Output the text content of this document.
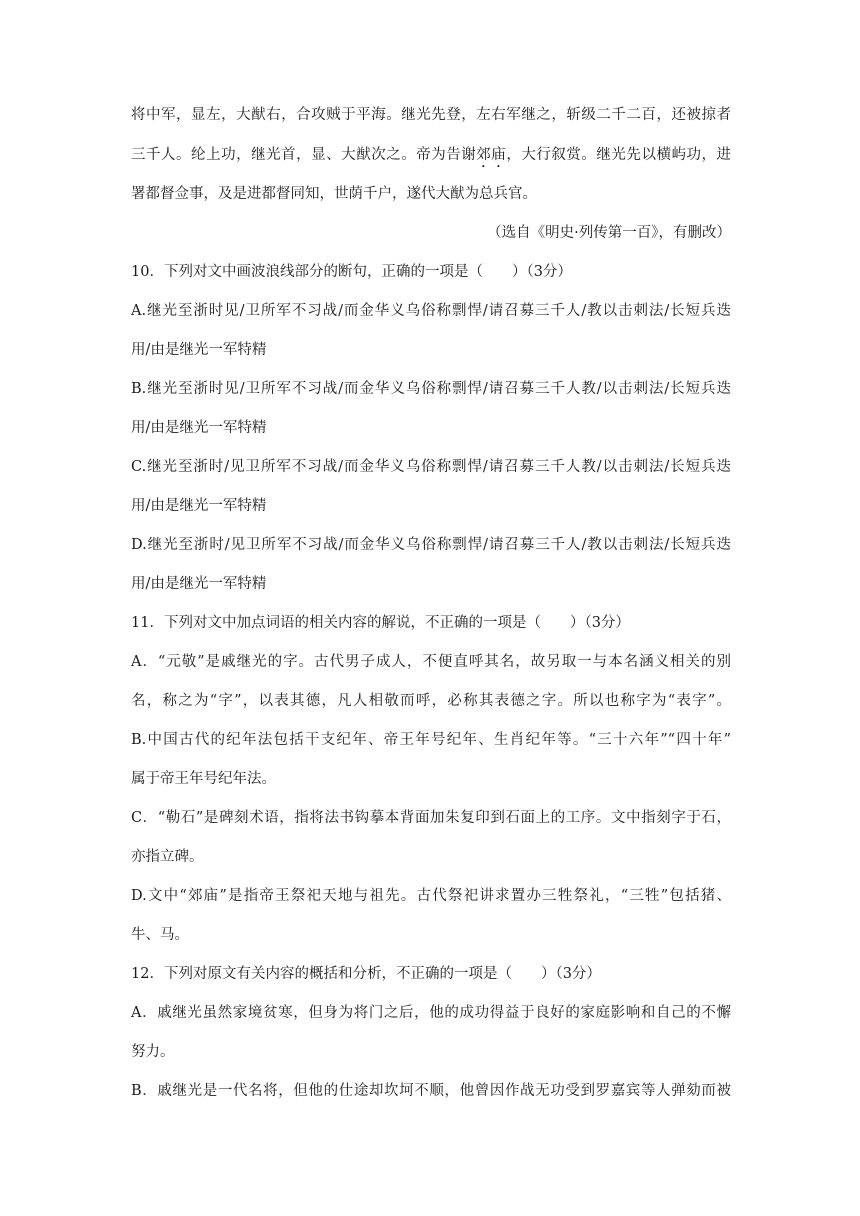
将中军，显左，大猷右，合攻贼于平海。继光先登，左右军继之，斩级二千二百，还被掠者
三千人。纶上功，继光首，显、大猷次之。帝为告谢郊庙，大行叙赏。继光先以横屿功，进
署都督佥事，及是进都督同知，世荫千户，遂代大猷为总兵官。
（选自《明史·列传第一百》，有删改）
10．下列对文中画波浪线部分的断句，正确的一项是（　　）（3分）
A.继光至浙时见/卫所军不习战/而金华义乌俗称剽悍/请召募三千人/教以击刺法/长短兵迭
用/由是继光一军特精
B.继光至浙时见/卫所军不习战/而金华义乌俗称剽悍/请召募三千人教/以击刺法/长短兵迭
用/由是继光一军特精
C.继光至浙时/见卫所军不习战/而金华义乌俗称剽悍/请召募三千人教/以击刺法/长短兵迭
用/由是继光一军特精
D.继光至浙时/见卫所军不习战/而金华义乌俗称剽悍/请召募三千人/教以击刺法/长短兵迭
用/由是继光一军特精
11．下列对文中加点词语的相关内容的解说，不正确的一项是（　　）（3分）
A．“元敬”是戚继光的字。古代男子成人，不便直呼其名，故另取一与本名涵义相关的别
名，称之为“字”，以表其德，凡人相敬而呼，必称其表德之字。所以也称字为“表字”。
B.中国古代的纪年法包括干支纪年、帝王年号纪年、生肖纪年等。“三十六年”“四十年”
属于帝王年号纪年法。
C．“勒石”是碑刻术语，指将法书钩摹本背面加朱复印到石面上的工序。文中指刻字于石，
亦指立碑。
D.文中“郊庙”是指帝王祭祀天地与祖先。古代祭祀讲求置办三牲祭礼，“三牲”包括猪、
牛、马。
12．下列对原文有关内容的概括和分析，不正确的一项是（　　）（3分）
A．戚继光虽然家境贫寒，但身为将门之后，他的成功得益于良好的家庭影响和自己的不懈
努力。
B．戚继光是一代名将，但他的仕途却坎坷不顺，他曾因作战无功受到罗嘉宾等人弹劾而被
